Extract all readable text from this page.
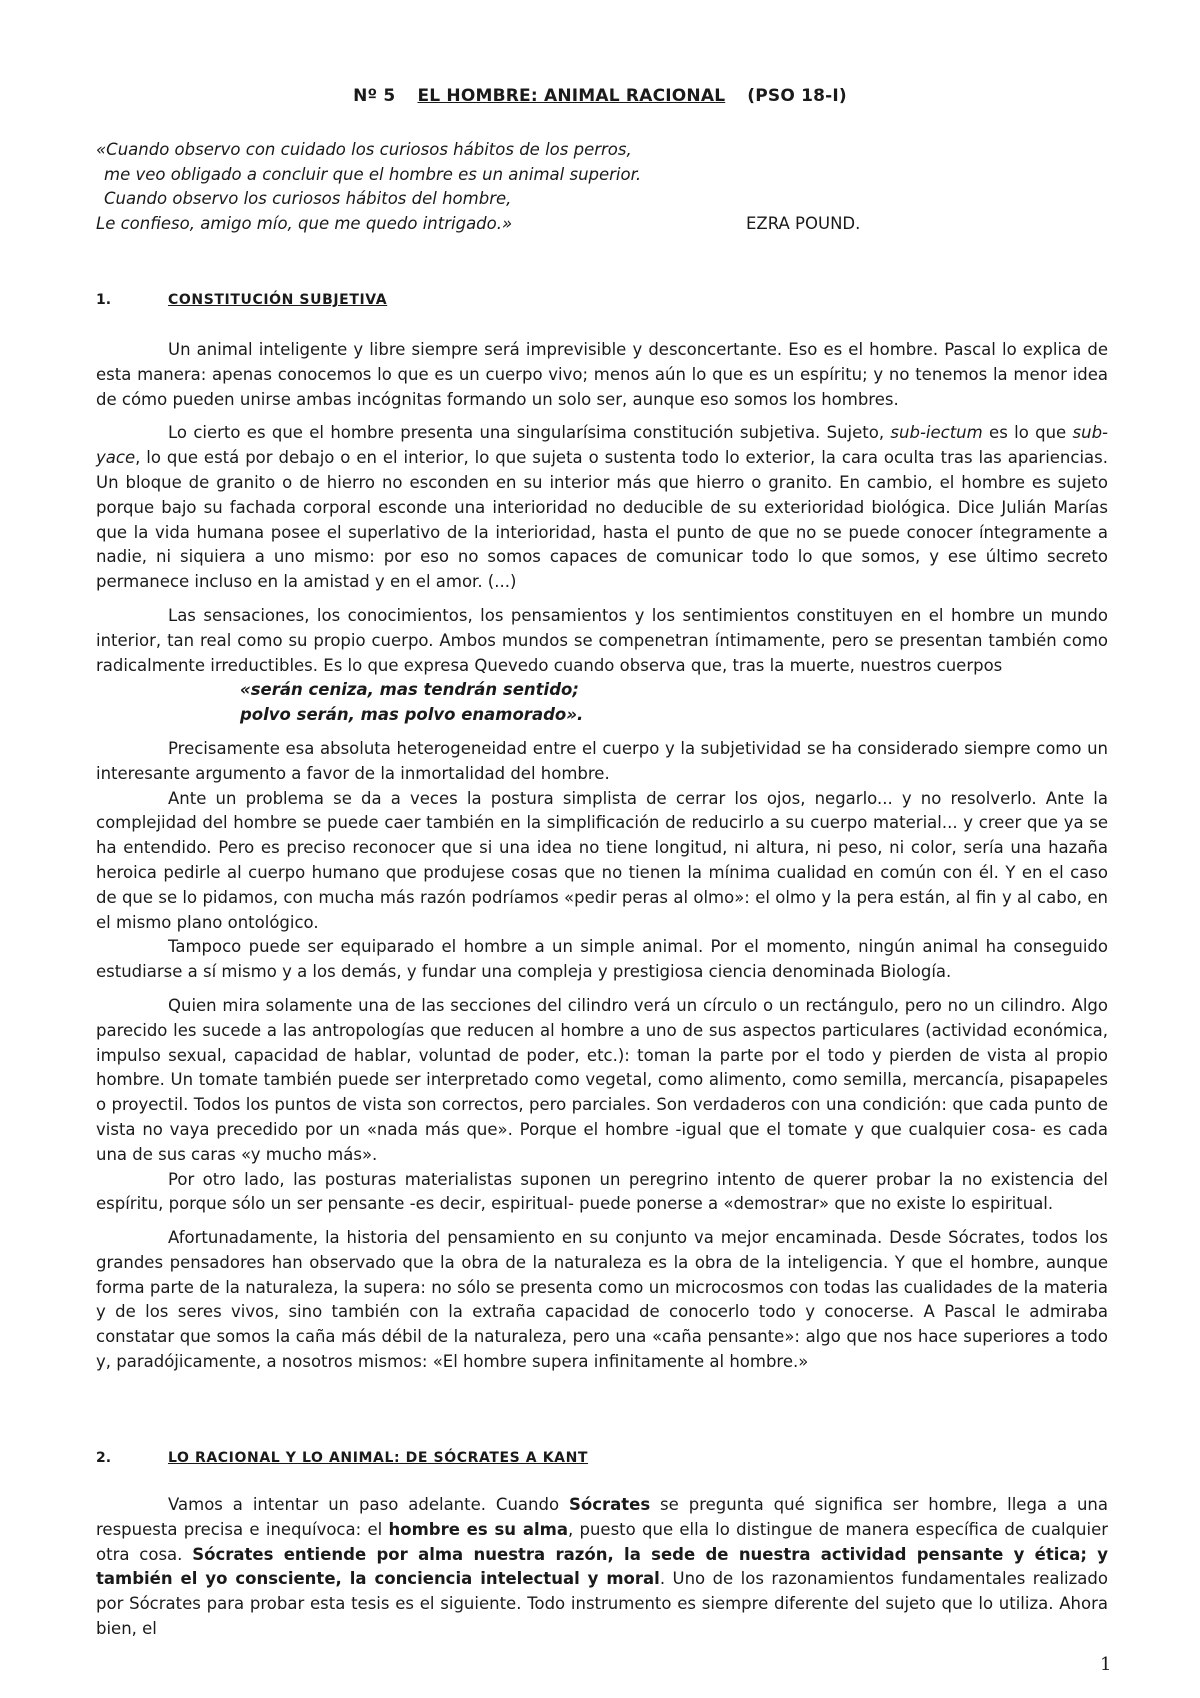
Nº 5 EL HOMBRE: ANIMAL RACIONAL (PSO 18-I)
«Cuando observo con cuidado los curiosos hábitos de los perros,
me veo obligado a concluir que el hombre es un animal superior.
Cuando observo los curiosos hábitos del hombre,
Le confieso, amigo mío, que me quedo intrigado.»	EZRA POUND.
1.	CONSTITUCIÓN SUBJETIVA

Un animal inteligente y libre siempre será imprevisible y desconcertante. Eso es el hombre. Pascal lo explica de esta manera: apenas conocemos lo que es un cuerpo vivo; menos aún lo que es un espíritu; y no tenemos la menor idea de cómo pueden unirse ambas incógnitas formando un solo ser, aunque eso somos los hombres.

Lo cierto es que el hombre presenta una singularísima constitución subjetiva. Sujeto, sub-iectum es lo que sub-yace, lo que está por debajo o en el interior, lo que sujeta o sustenta todo lo exterior, la cara oculta tras las apariencias. Un bloque de granito o de hierro no esconden en su interior más que hierro o granito. En cambio, el hombre es sujeto porque bajo su fachada corporal esconde una interioridad no deducible de su exterioridad biológica. Dice Julián Marías que la vida humana posee el superlativo de la interioridad, hasta el punto de que no se puede conocer íntegramente a nadie, ni siquiera a uno mismo: por eso no somos capaces de comunicar todo lo que somos, y ese último secreto permanece incluso en la amistad y en el amor. (...)

Las sensaciones, los conocimientos, los pensamientos y los sentimientos constituyen en el hombre un mundo interior, tan real como su propio cuerpo. Ambos mundos se compenetran íntimamente, pero se presentan también como radicalmente irreductibles. Es lo que expresa Quevedo cuando observa que, tras la muerte, nuestros cuerpos

«serán ceniza, mas tendrán sentido;

polvo serán, mas polvo enamorado».

Precisamente esa absoluta heterogeneidad entre el cuerpo y la subjetividad se ha considerado siempre como un interesante argumento a favor de la inmortalidad del hombre.

Ante un problema se da a veces la postura simplista de cerrar los ojos, negarlo... y no resolverlo. Ante la complejidad del hombre se puede caer también en la simplificación de reducirlo a su cuerpo material... y creer que ya se ha entendido. Pero es preciso reconocer que si una idea no tiene longitud, ni altura, ni peso, ni color, sería una hazaña heroica pedirle al cuerpo humano que produjese cosas que no tienen la mínima cualidad en común con él. Y en el caso de que se lo pidamos, con mucha más razón podríamos «pedir peras al olmo»: el olmo y la pera están, al fin y al cabo, en el mismo plano ontológico.

Tampoco puede ser equiparado el hombre a un simple animal. Por el momento, ningún animal ha conseguido estudiarse a sí mismo y a los demás, y fundar una compleja y prestigiosa ciencia denominada Biología.

Quien mira solamente una de las secciones del cilindro verá un círculo o un rectángulo, pero no un cilindro. Algo parecido les sucede a las antropologías que reducen al hombre a uno de sus aspectos particulares (actividad económica, impulso sexual, capacidad de hablar, voluntad de poder, etc.): toman la parte por el todo y pierden de vista al propio hombre. Un tomate también puede ser interpretado como vegetal, como alimento, como semilla, mercancía, pisapapeles o proyectil. Todos los puntos de vista son correctos, pero parciales. Son verdaderos con una condición: que cada punto de vista no vaya precedido por un «nada más que». Porque el hombre -igual que el tomate y que cualquier cosa- es cada una de sus caras «y mucho más».

Por otro lado, las posturas materialistas suponen un peregrino intento de querer probar la no existencia del espíritu, porque sólo un ser pensante -es decir, espiritual- puede ponerse a «demostrar» que no existe lo espiritual.

Afortunadamente, la historia del pensamiento en su conjunto va mejor encaminada. Desde Sócrates, todos los grandes pensadores han observado que la obra de la naturaleza es la obra de la inteligencia. Y que el hombre, aunque forma parte de la naturaleza, la supera: no sólo se presenta como un microcosmos con todas las cualidades de la materia y de los seres vivos, sino también con la extraña capacidad de conocerlo todo y conocerse. A Pascal le admiraba constatar que somos la caña más débil de la naturaleza, pero una «caña pensante»: algo que nos hace superiores a todo y, paradójicamente, a nosotros mismos: «El hombre supera infinitamente al hombre.»

2.	LO RACIONAL Y LO ANIMAL: DE SÓCRATES A KANT

Vamos a intentar un paso adelante. Cuando Sócrates se pregunta qué significa ser hombre, llega a una respuesta precisa e inequívoca: el hombre es su alma, puesto que ella lo distingue de manera específica de cualquier otra cosa. Sócrates entiende por alma nuestra razón, la sede de nuestra actividad pensante y ética; y también el yo consciente, la conciencia intelectual y moral. Uno de los razonamientos fundamentales realizado por Sócrates para probar esta tesis es el siguiente. Todo instrumento es siempre diferente del sujeto que lo utiliza. Ahora bien, el

1
